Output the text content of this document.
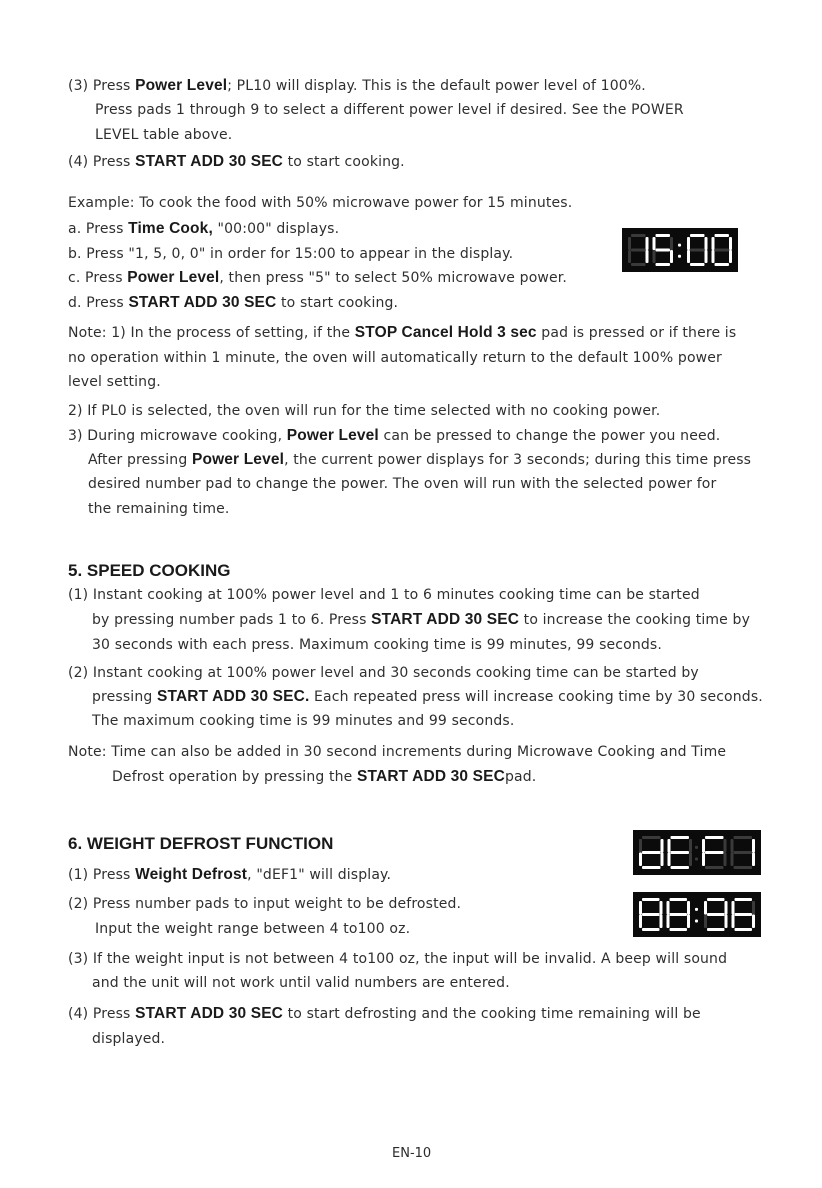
(3) Press Power Level; PL10 will display. This is the default power level of 100%.
Press pads 1 through 9 to select a different power level if desired. See the POWER
LEVEL table above.
(4) Press START ADD 30 SEC to start cooking.
Example: To cook the food with 50% microwave power for 15 minutes.
a. Press Time Cook, "00:00" displays.
b. Press "1, 5, 0, 0" in order for 15:00 to appear in the display.
c. Press Power Level, then press "5" to select 50% microwave power.
d. Press START ADD 30 SEC to start cooking.
Note: 1) In the process of setting, if the STOP Cancel Hold 3 sec pad is pressed or if there is
no operation within 1 minute, the oven will automatically return to the default 100% power
level setting.
2) If PL0 is selected, the oven will run for the time selected with no cooking power.
3) During microwave cooking, Power Level can be pressed to change the power you need.
After pressing Power Level, the current power displays for 3 seconds; during this time press
desired number pad to change the power. The oven will run with the selected power for
the remaining time.
5. SPEED COOKING
(1) Instant cooking at 100% power level and 1 to 6 minutes cooking time can be started
by pressing number pads 1 to 6. Press START ADD 30 SEC to increase the cooking time by
30 seconds with each press. Maximum cooking time is 99 minutes, 99 seconds.
(2) Instant cooking at 100% power level and 30 seconds cooking time can be started by
pressing START ADD 30 SEC. Each repeated press will increase cooking time by 30 seconds.
The maximum cooking time is 99 minutes and 99 seconds.
Note: Time can also be added in 30 second increments during Microwave Cooking and Time
Defrost operation by pressing the START ADD 30 SECpad.
6. WEIGHT DEFROST FUNCTION
(1) Press Weight Defrost, "dEF1" will display.
(2) Press number pads to input weight to be defrosted.
Input the weight range between 4 to100 oz.
(3) If the weight input is not between 4 to100 oz, the input will be invalid. A beep will sound
and the unit will not work until valid numbers are entered.
(4) Press START ADD 30 SEC to start defrosting and the cooking time remaining will be
displayed.
EN-10
